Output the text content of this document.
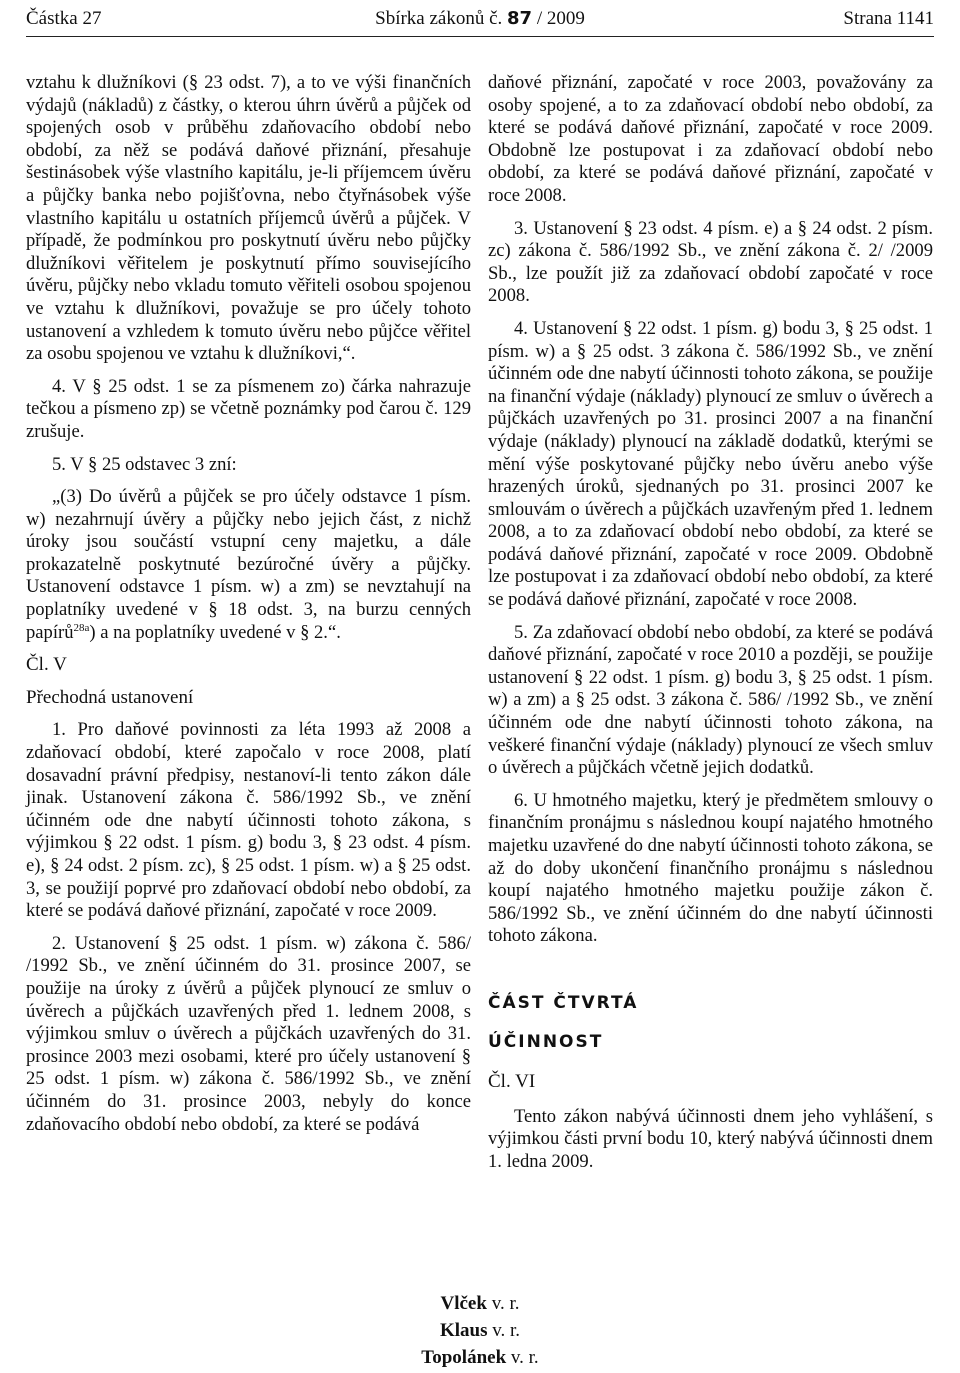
Částka 27	Sbírka zákonů č. 87 / 2009	Strana 1141

vztahu k dlužníkovi (§ 23 odst. 7), a to ve výši finančních výdajů (nákladů) z částky, o kterou úhrn úvěrů a půjček od spojených osob v průběhu zdaňovacího období nebo období, za něž se podává daňové přiznání, přesahuje šestinásobek výše vlastního kapitálu, je-li příjemcem úvěru a půjčky banka nebo pojišťovna, nebo čtyřnásobek výše vlastního kapitálu u ostatních příjemců úvěrů a půjček. V případě, že podmínkou pro poskytnutí úvěru nebo půjčky dlužníkovi věřitelem je poskytnutí přímo souvisejícího úvěru, půjčky nebo vkladu tomuto věřiteli osobou spojenou ve vztahu k dlužníkovi, považuje se pro účely tohoto ustanovení a vzhledem k tomuto úvěru nebo půjčce věřitel za osobu spojenou ve vztahu k dlužníkovi,“.

4. V § 25 odst. 1 se za písmenem zo) čárka nahrazuje tečkou a písmeno zp) se včetně poznámky pod čarou č. 129 zrušuje.

5. V § 25 odstavec 3 zní:

„(3) Do úvěrů a půjček se pro účely odstavce 1 písm. w) nezahrnují úvěry a půjčky nebo jejich část, z nichž úroky jsou součástí vstupní ceny majetku, a dále prokazatelně poskytnuté bezúročné úvěry a půjčky. Ustanovení odstavce 1 písm. w) a zm) se nevztahují na poplatníky uvedené v § 18 odst. 3, na burzu cenných papírů$^{28a}$) a na poplatníky uvedené v § 2.“.

Čl. V

Přechodná ustanovení

1. Pro daňové povinnosti za léta 1993 až 2008 a zdaňovací období, které započalo v roce 2008, platí dosavadní právní předpisy, nestanoví-li tento zákon dále jinak. Ustanovení zákona č. 586/1992 Sb., ve znění účinném ode dne nabytí účinnosti tohoto zákona, s výjimkou § 22 odst. 1 písm. g) bodu 3, § 23 odst. 4 písm. e), § 24 odst. 2 písm. zc), § 25 odst. 1 písm. w) a § 25 odst. 3, se použijí poprvé pro zdaňovací období nebo období, za které se podává daňové přiznání, započaté v roce 2009.

2. Ustanovení § 25 odst. 1 písm. w) zákona č. 586/ /1992 Sb., ve znění účinném do 31. prosince 2007, se použije na úroky z úvěrů a půjček plynoucí ze smluv o úvěrech a půjčkách uzavřených před 1. lednem 2008, s výjimkou smluv o úvěrech a půjčkách uzavřených do 31. prosince 2003 mezi osobami, které pro účely ustanovení § 25 odst. 1 písm. w) zákona č. 586/1992 Sb., ve znění účinném do 31. prosince 2003, nebyly do konce zdaňovacího období nebo období, za které se podává

daňové přiznání, započaté v roce 2003, považovány za osoby spojené, a to za zdaňovací období nebo období, za které se podává daňové přiznání, započaté v roce 2009. Obdobně lze postupovat i za zdaňovací období nebo období, za které se podává daňové přiznání, započaté v roce 2008.

3. Ustanovení § 23 odst. 4 písm. e) a § 24 odst. 2 písm. zc) zákona č. 586/1992 Sb., ve znění zákona č. 2/ /2009 Sb., lze použít již za zdaňovací období započaté v roce 2008.

4. Ustanovení § 22 odst. 1 písm. g) bodu 3, § 25 odst. 1 písm. w) a § 25 odst. 3 zákona č. 586/1992 Sb., ve znění účinném ode dne nabytí účinnosti tohoto zákona, se použije na finanční výdaje (náklady) plynoucí ze smluv o úvěrech a půjčkách uzavřených po 31. prosinci 2007 a na finanční výdaje (náklady) plynoucí na základě dodatků, kterými se mění výše poskytované půjčky nebo úvěru anebo výše hrazených úroků, sjednaných po 31. prosinci 2007 ke smlouvám o úvěrech a půjčkách uzavřeným před 1. lednem 2008, a to za zdaňovací období nebo období, za které se podává daňové přiznání, započaté v roce 2009. Obdobně lze postupovat i za zdaňovací období nebo období, za které se podává daňové přiznání, započaté v roce 2008.

5. Za zdaňovací období nebo období, za které se podává daňové přiznání, započaté v roce 2010 a později, se použije ustanovení § 22 odst. 1 písm. g) bodu 3, § 25 odst. 1 písm. w) a zm) a § 25 odst. 3 zákona č. 586/ /1992 Sb., ve znění účinném ode dne nabytí účinnosti tohoto zákona, na veškeré finanční výdaje (náklady) plynoucí ze všech smluv o úvěrech a půjčkách včetně jejich dodatků.

6. U hmotného majetku, který je předmětem smlouvy o finančním pronájmu s následnou koupí najatého hmotného majetku uzavřené do dne nabytí účinnosti tohoto zákona, se až do doby ukončení finančního pronájmu s následnou koupí najatého hmotného majetku použije zákon č. 586/1992 Sb., ve znění účinném do dne nabytí účinnosti tohoto zákona.

ČÁST ČTVRTÁ

ÚČINNOST

Čl. VI

Tento zákon nabývá účinnosti dnem jeho vyhlášení, s výjimkou části první bodu 10, který nabývá účinnosti dnem 1. ledna 2009.

Vlček v. r.
Klaus v. r.
Topolánek v. r.
